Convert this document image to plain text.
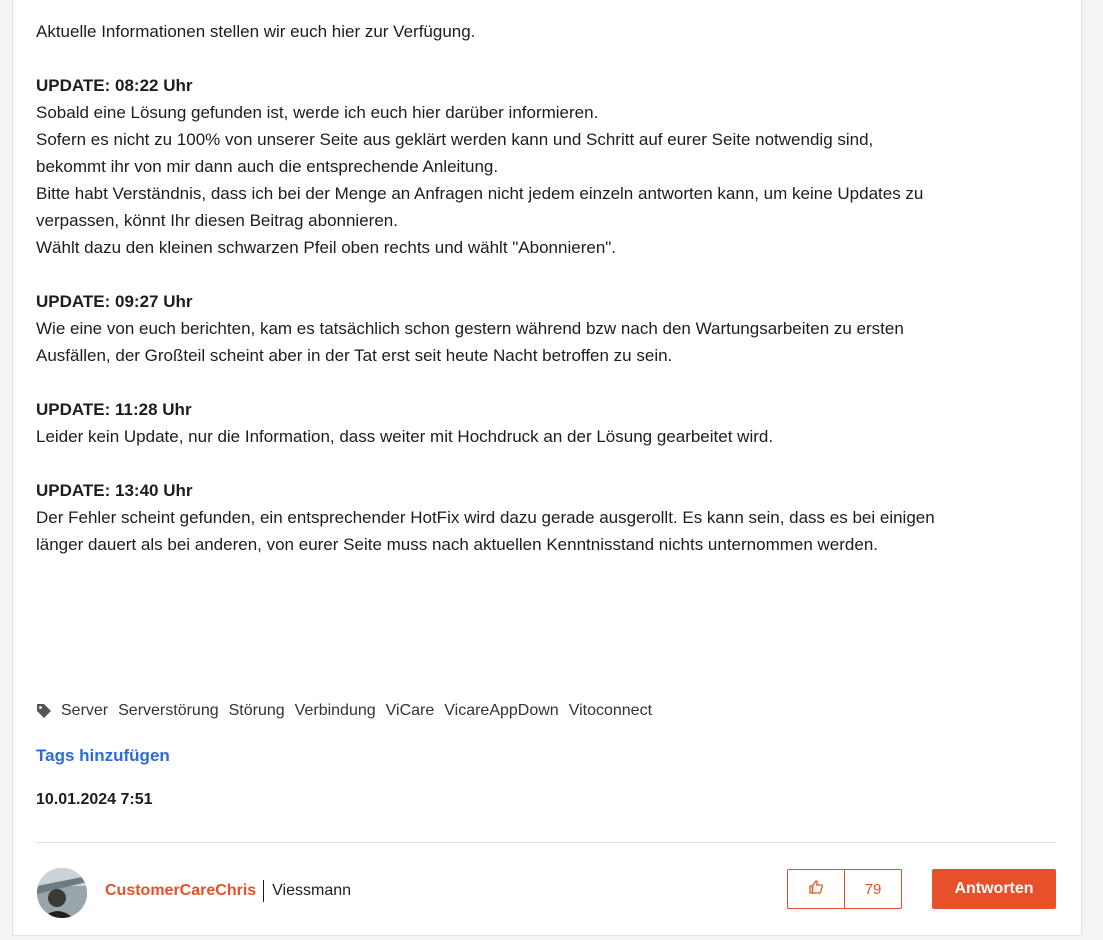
Aktuelle Informationen stellen wir euch hier zur Verfügung.

UPDATE: 08:22 Uhr

Sobald eine Lösung gefunden ist, werde ich euch hier darüber informieren.

Sofern es nicht zu 100% von unserer Seite aus geklärt werden kann und Schritt auf eurer Seite notwendig sind,

bekommt ihr von mir dann auch die entsprechende Anleitung.

Bitte habt Verständnis, dass ich bei der Menge an Anfragen nicht jedem einzeln antworten kann, um keine Updates zu

verpassen, könnt Ihr diesen Beitrag abonnieren.

Wählt dazu den kleinen schwarzen Pfeil oben rechts und wählt "Abonnieren".

UPDATE: 09:27 Uhr

Wie eine von euch berichten, kam es tatsächlich schon gestern während bzw nach den Wartungsarbeiten zu ersten

Ausfällen, der Großteil scheint aber in der Tat erst seit heute Nacht betroffen zu sein.

UPDATE: 11:28 Uhr

Leider kein Update, nur die Information, dass weiter mit Hochdruck an der Lösung gearbeitet wird.

UPDATE: 13:40 Uhr

Der Fehler scheint gefunden, ein entsprechender HotFix wird dazu gerade ausgerollt. Es kann sein, dass es bei einigen

länger dauert als bei anderen, von eurer Seite muss nach aktuellen Kenntnisstand nichts unternommen werden.

Server Serverstörung Störung Verbindung ViCare VicareAppDown Vitoconnect
Tags hinzufügen
10.01.2024 7:51
CustomerCareChris Viessmann	79	Antworten
